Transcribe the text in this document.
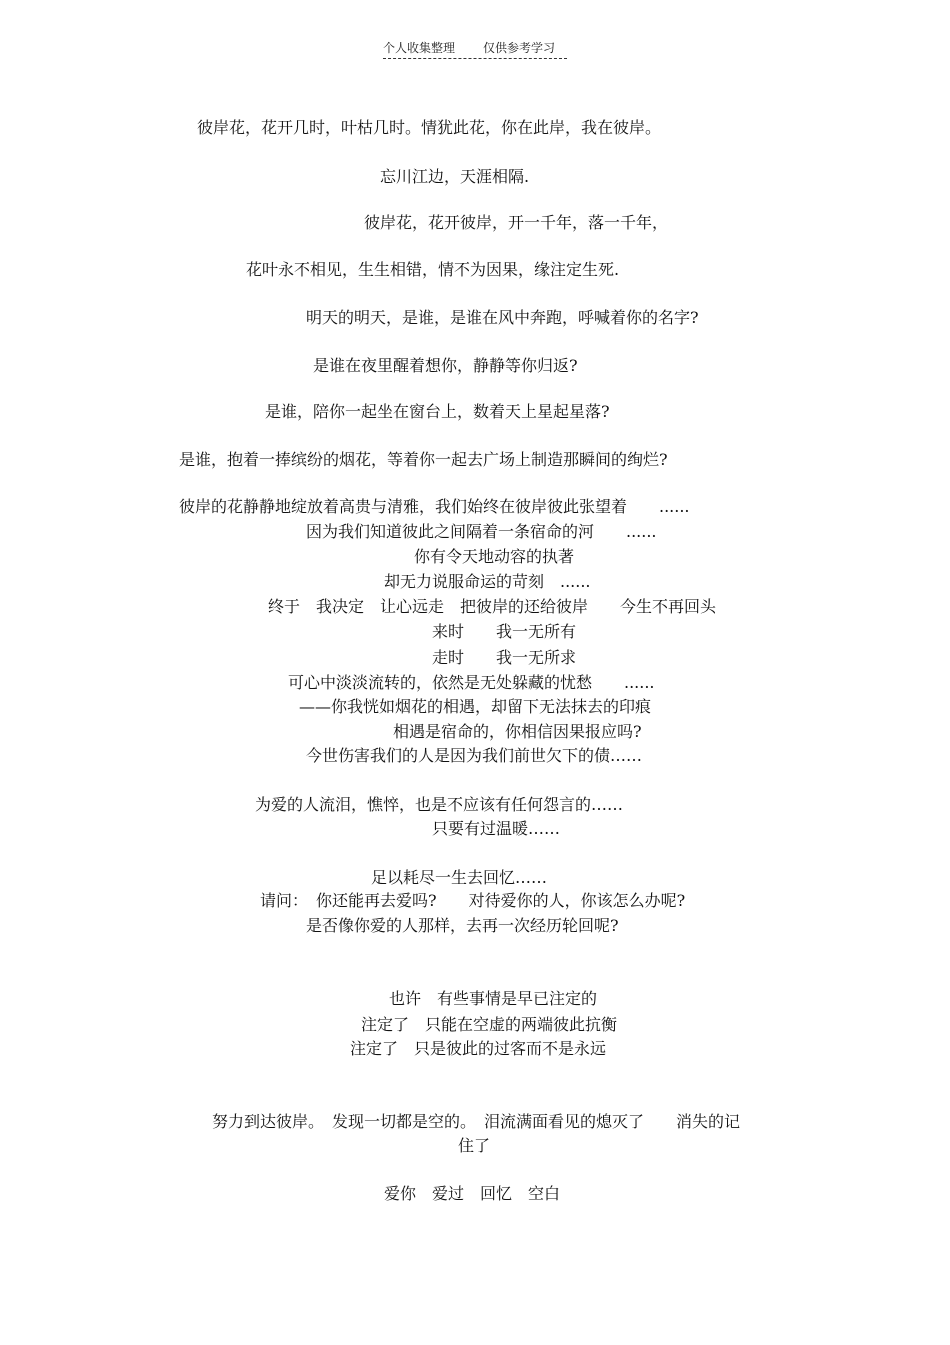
个人收集整理 仅供参考学习
彼岸花，花开几时，叶枯几时。情犹此花，你在此岸，我在彼岸。
忘川江边，天涯相隔.
彼岸花，花开彼岸，开一千年，落一千年，
花叶永不相见，生生相错，情不为因果，缘注定生死.
明天的明天，是谁，是谁在风中奔跑，呼喊着你的名字?
是谁在夜里醒着想你，静静等你归返?
是谁，陪你一起坐在窗台上，数着天上星起星落?
是谁，抱着一捧缤纷的烟花，等着你一起去广场上制造那瞬间的绚烂?
彼岸的花静静地绽放着高贵与清雅，我们始终在彼岸彼此张望着　　......
因为我们知道彼此之间隔着一条宿命的河　　......
你有令天地动容的执著
却无力说服命运的苛刻　......
终于　我决定　让心远走　把彼岸的还给彼岸　　今生不再回头
来时　　我一无所有
走时　　我一无所求
可心中淡淡流转的，依然是无处躲藏的忧愁　　......
——你我恍如烟花的相遇，却留下无法抹去的印痕
相遇是宿命的，你相信因果报应吗?
今世伤害我们的人是因为我们前世欠下的债……
为爱的人流泪，憔悴，也是不应该有任何怨言的……
只要有过温暖……
足以耗尽一生去回忆……
请问：　你还能再去爱吗?　　对待爱你的人，你该怎么办呢?
是否像你爱的人那样，去再一次经历轮回呢?
也许　有些事情是早已注定的
注定了　只能在空虚的两端彼此抗衡
注定了　只是彼此的过客而不是永远
努力到达彼岸。　发现一切都是空的。　泪流满面看见的熄灭了　　消失的记
住了
爱你　爱过　回忆　空白
